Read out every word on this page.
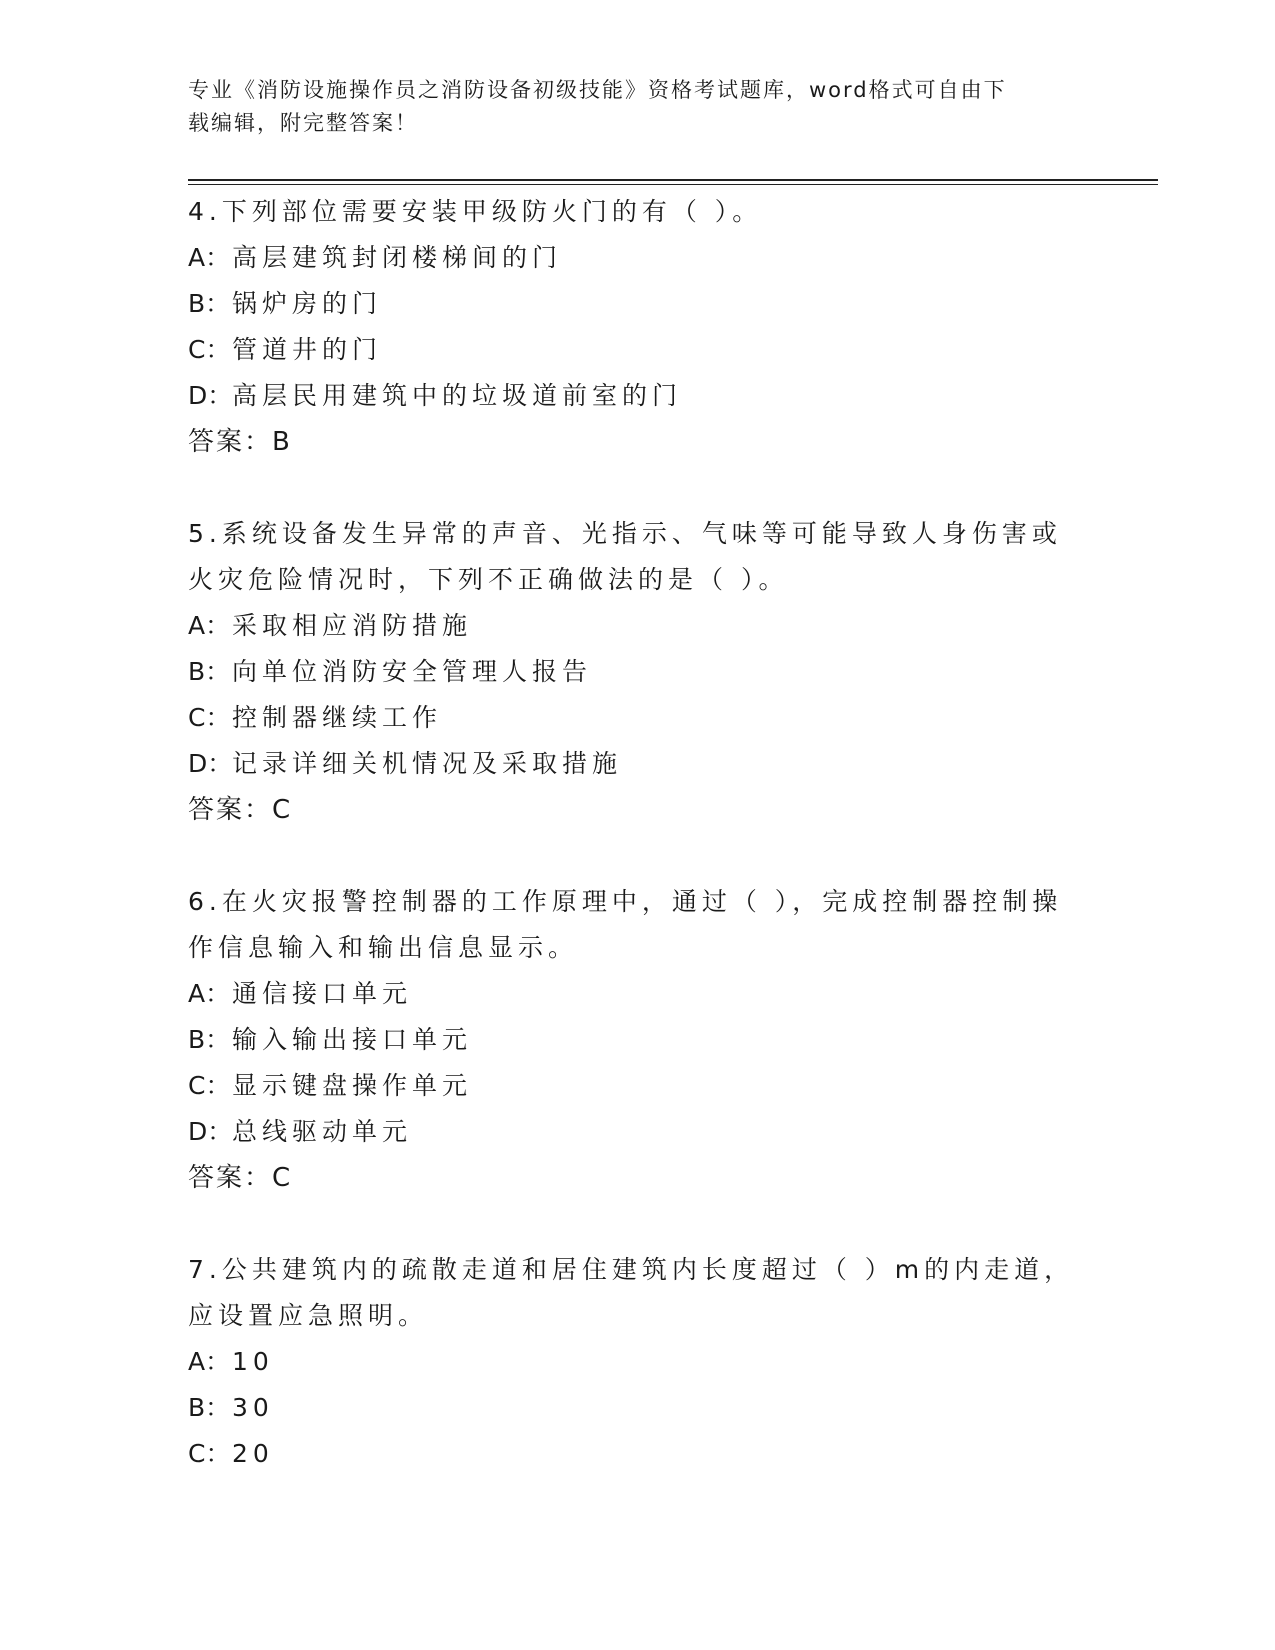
专业《消防设施操作员之消防设备初级技能》资格考试题库，word格式可自由下
载编辑，附完整答案！
4.下列部位需要安装甲级防火门的有（ ）。
A：高层建筑封闭楼梯间的门
B：锅炉房的门
C：管道井的门
D：高层民用建筑中的垃圾道前室的门
答案：B
5.系统设备发生异常的声音、光指示、气味等可能导致人身伤害或火灾危险情况时，下列不正确做法的是（ ）。
A：采取相应消防措施
B：向单位消防安全管理人报告
C：控制器继续工作
D：记录详细关机情况及采取措施
答案：C
6.在火灾报警控制器的工作原理中，通过（ ），完成控制器控制操作信息输入和输出信息显示。
A：通信接口单元
B：输入输出接口单元
C：显示键盘操作单元
D：总线驱动单元
答案：C
7.公共建筑内的疏散走道和居住建筑内长度超过（ ）m的内走道，应设置应急照明。
A：10
B：30
C：20
